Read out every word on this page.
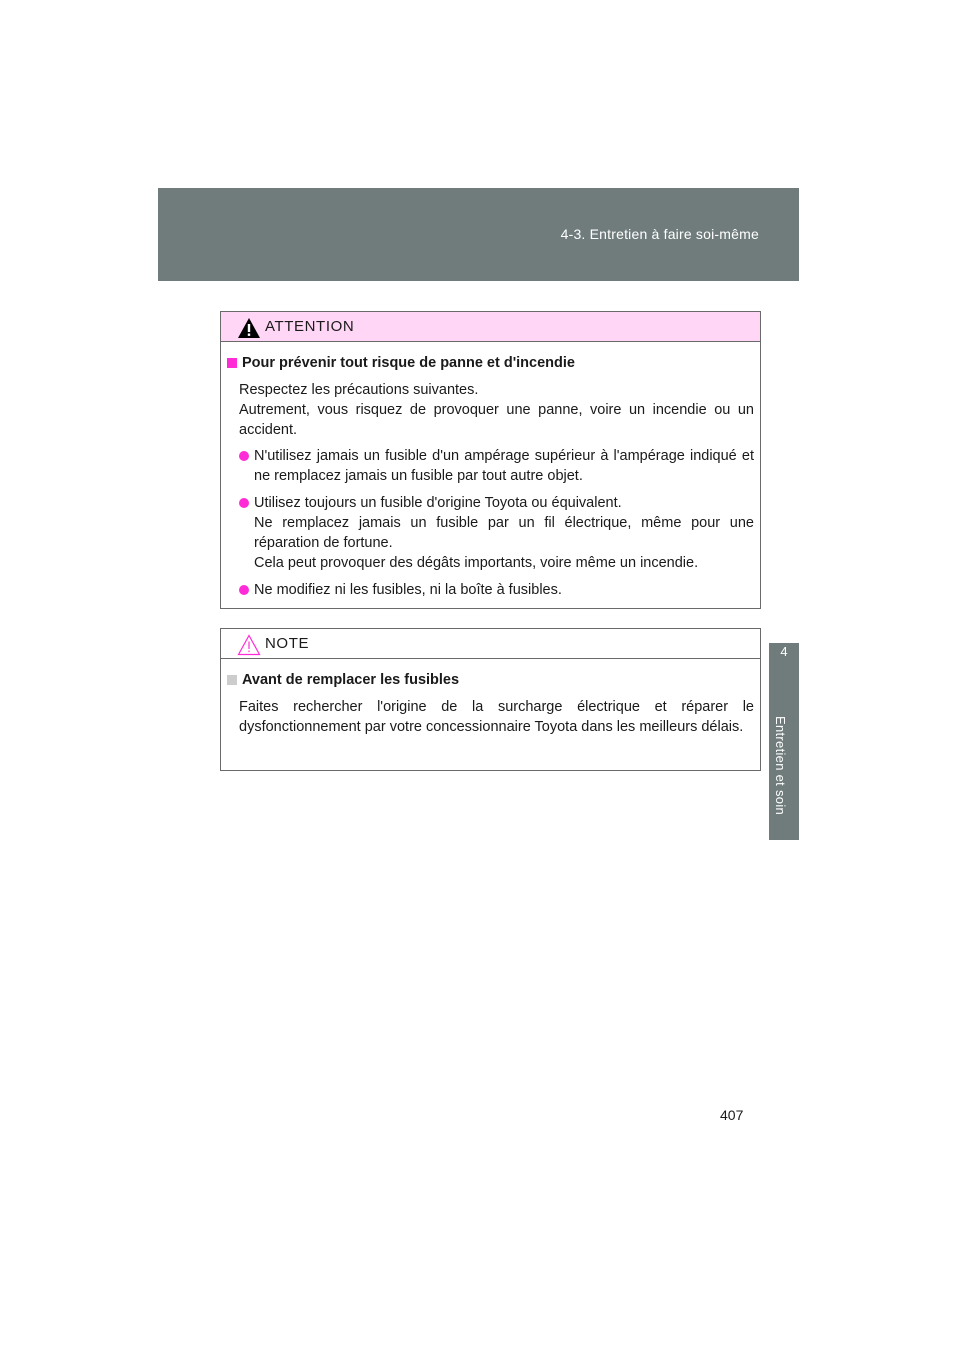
4-3. Entretien à faire soi-même
4
Entretien et soin
ATTENTION
Pour prévenir tout risque de panne et d'incendie
Respectez les précautions suivantes.
Autrement, vous risquez de provoquer une panne, voire un incendie ou un accident.
N'utilisez jamais un fusible d'un ampérage supérieur à l'ampérage indiqué et ne remplacez jamais un fusible par tout autre objet.
Utilisez toujours un fusible d'origine Toyota ou équivalent.
Ne remplacez jamais un fusible par un fil électrique, même pour une réparation de fortune.
Cela peut provoquer des dégâts importants, voire même un incendie.
Ne modifiez ni les fusibles, ni la boîte à fusibles.
NOTE
Avant de remplacer les fusibles
Faites rechercher l'origine de la surcharge électrique et réparer le dysfonctionnement par votre concessionnaire Toyota dans les meilleurs délais.
407
